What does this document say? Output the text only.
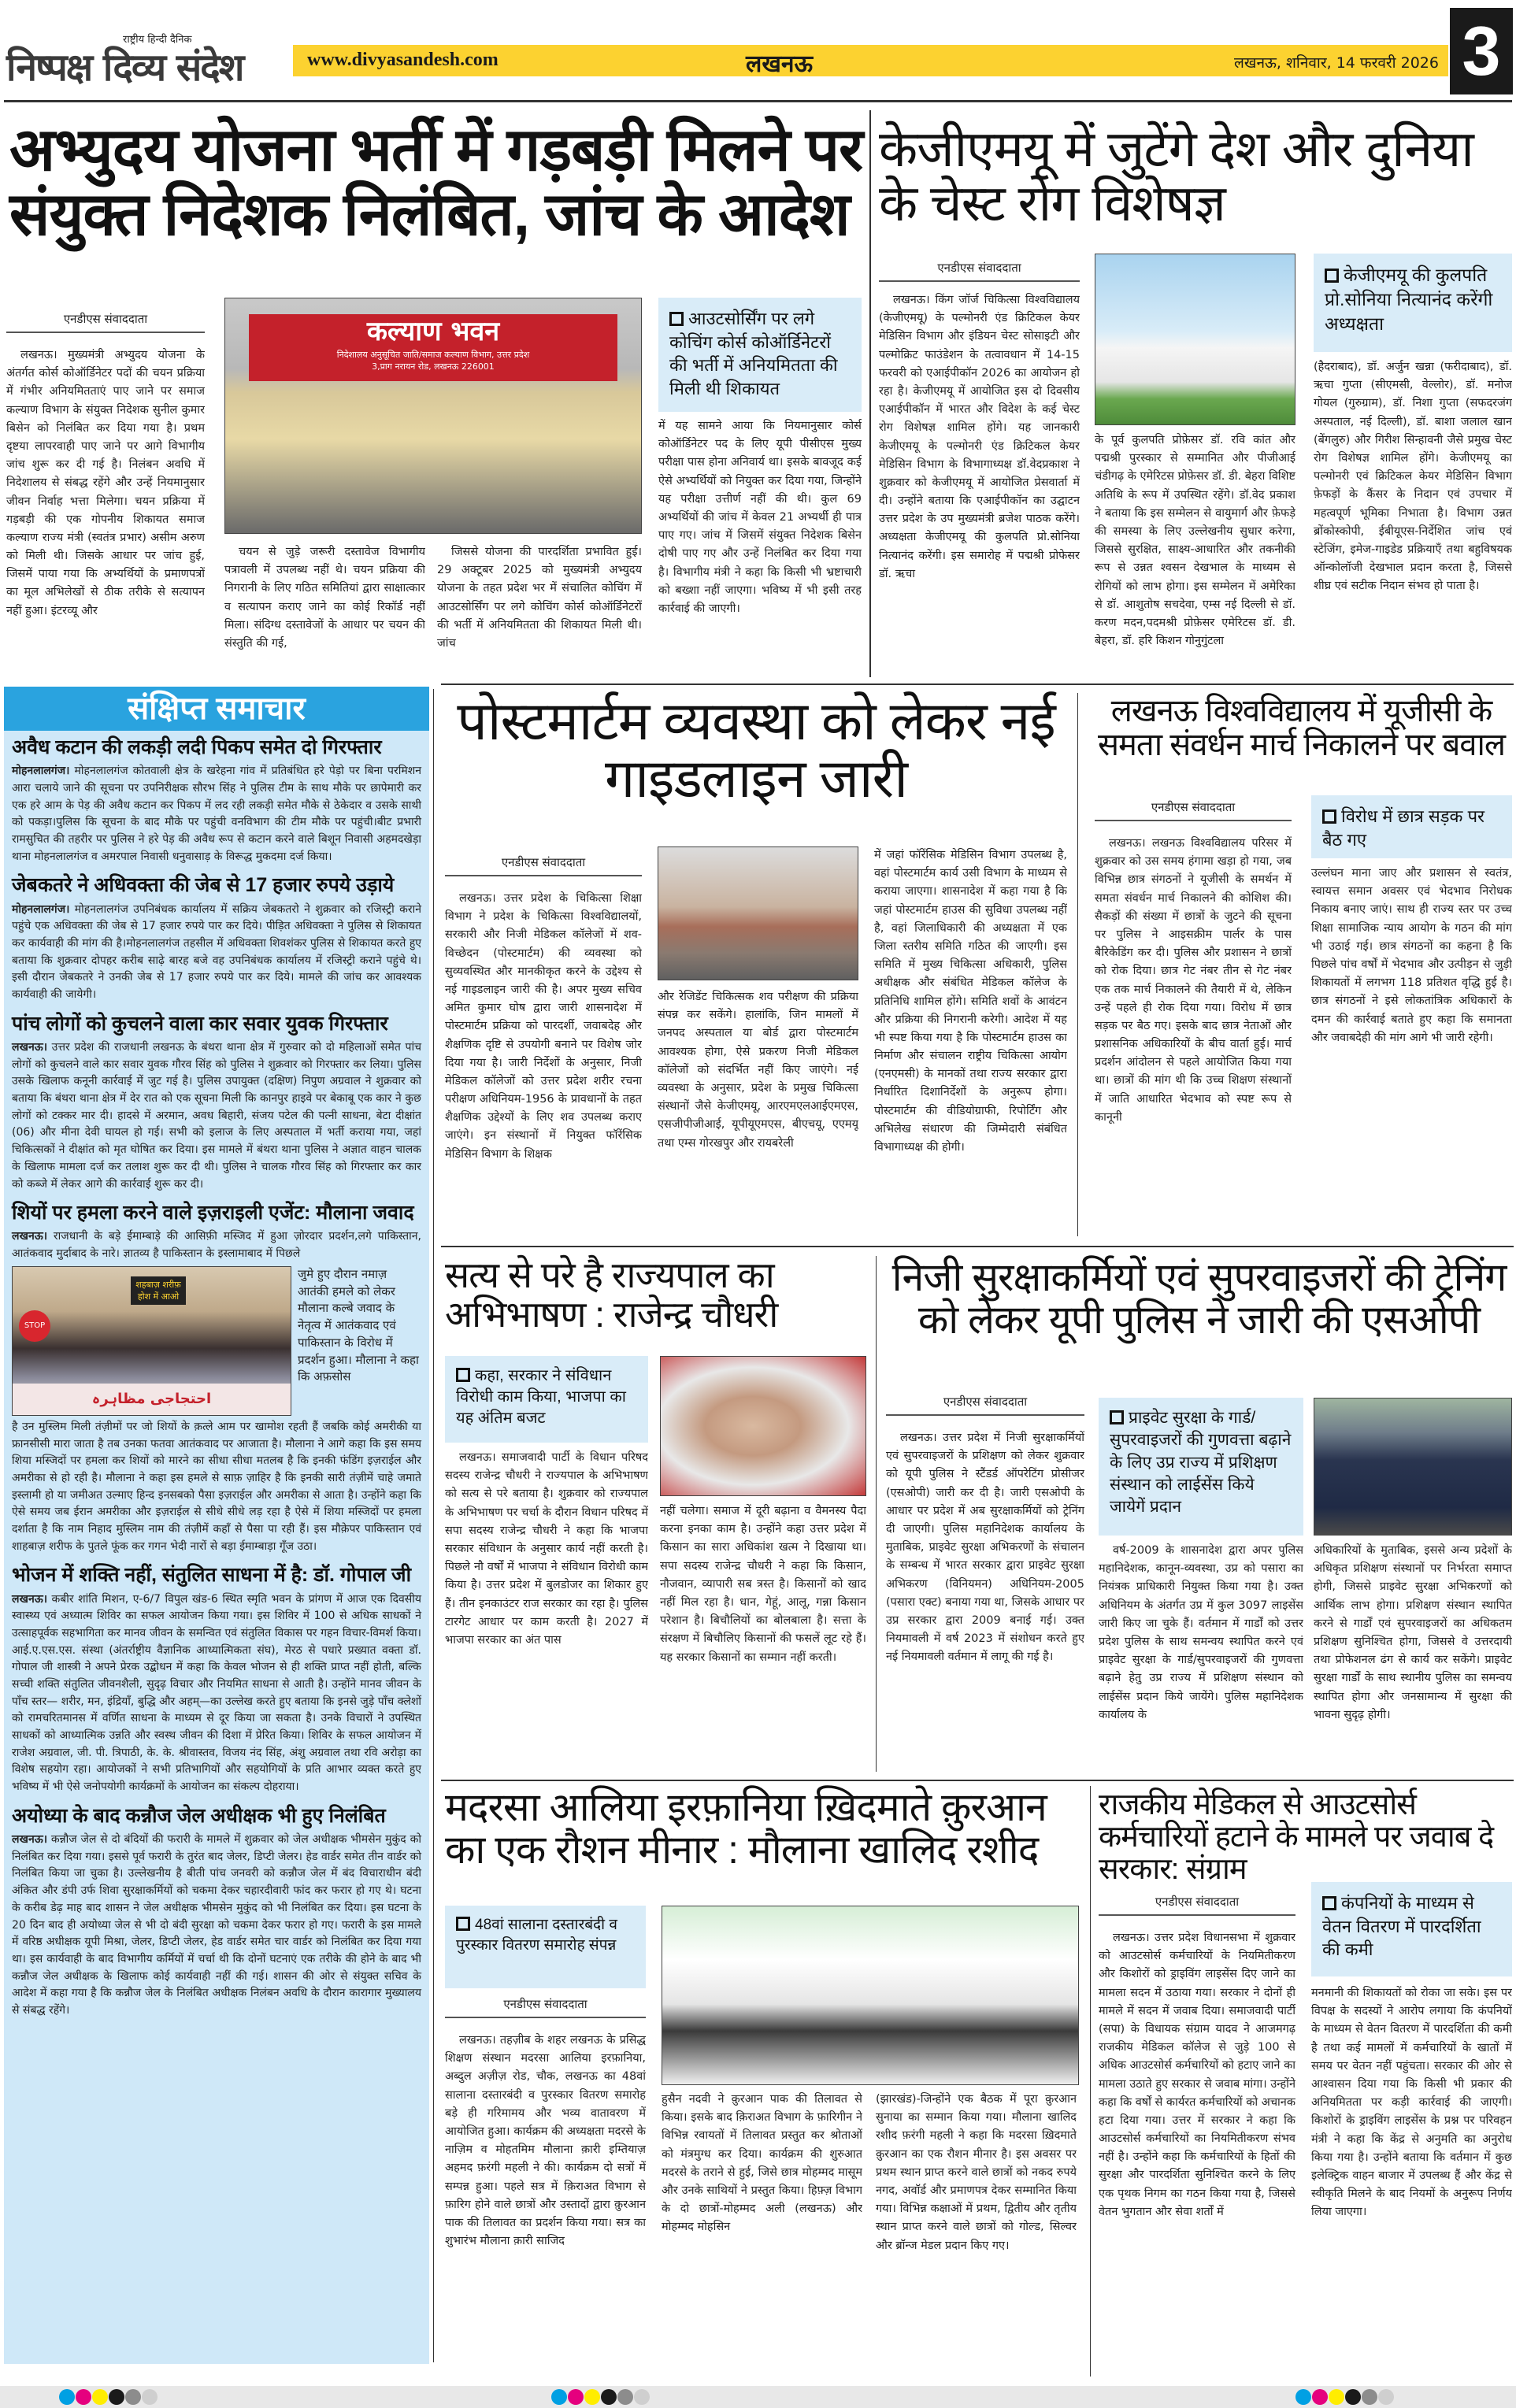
राष्ट्रीय हिन्दी दैनिक
निष्पक्ष दिव्य संदेश	www.divyasandesh.com	लखनऊ	लखनऊ, शनिवार, 14 फरवरी 2026 3
अभ्युदय योजना भर्ती में गड़बड़ी मिलने पर संयुक्त निदेशक निलंबित, जांच के आदेश
एनडीएस संवाददाता

लखनऊ। मुख्यमंत्री अभ्युदय योजना के अंतर्गत कोर्स कोऑर्डिनेटर पदों की चयन प्रक्रिया में गंभीर अनियमितताएं पाए जाने पर समाज कल्याण विभाग के संयुक्त निदेशक सुनील कुमार बिसेन को निलंबित कर दिया गया है। प्रथम दृष्टया लापरवाही पाए जाने पर आगे विभागीय जांच शुरू कर दी गई है। निलंबन अवधि में निदेशालय से संबद्ध रहेंगे और उन्हें नियमानुसार जीवन निर्वाह भत्ता मिलेगा। चयन प्रक्रिया में गड़बड़ी की एक गोपनीय शिकायत समाज कल्याण राज्य मंत्री (स्वतंत्र प्रभार) असीम अरुण को मिली थी। जिसके आधार पर जांच हुई, जिसमें पाया गया कि अभ्यर्थियों के प्रमाणपत्रों का मूल अभिलेखों से ठीक तरीके से सत्यापन नहीं हुआ। इंटरव्यू और

कल्याण भवन
निदेशालय अनुसूचित जाति/समाज कल्याण विभाग, उत्तर प्रदेश
3,प्राग नरायन रोड, लखनऊ 226001

चयन से जुड़े जरूरी दस्तावेज विभागीय पत्रावली में उपलब्ध नहीं थे। चयन प्रक्रिया की निगरानी के लिए गठित समितियां द्वारा साक्षात्कार व सत्यापन कराए जाने का कोई रिकॉर्ड नहीं मिला। संदिग्ध दस्तावेजों के आधार पर चयन की संस्तुति की गई,

जिससे योजना की पारदर्शिता प्रभावित हुई। 29 अक्टूबर 2025 को मुख्यमंत्री अभ्युदय योजना के तहत प्रदेश भर में संचालित कोचिंग में आउटसोर्सिंग पर लगे कोचिंग कोर्स कोऑर्डिनेटरों की भर्ती में अनियमितता की शिकायत मिली थी। जांच

आउटसोर्सिंग पर लगे कोचिंग कोर्स कोऑर्डिनेटरों की भर्ती में अनियमितता की मिली थी शिकायत

में यह सामने आया कि नियमानुसार कोर्स कोऑर्डिनेटर पद के लिए यूपी पीसीएस मुख्य परीक्षा पास होना अनिवार्य था। इसके बावजूद कई ऐसे अभ्यर्थियों को नियुक्त कर दिया गया, जिन्होंने यह परीक्षा उत्तीर्ण नहीं की थी। कुल 69 अभ्यर्थियों की जांच में केवल 21 अभ्यर्थी ही पात्र पाए गए। जांच में जिसमें संयुक्त निदेशक बिसेन दोषी पाए गए और उन्हें निलंबित कर दिया गया है। विभागीय मंत्री ने कहा कि किसी भी भ्रष्टाचारी को बख्शा नहीं जाएगा। भविष्य में भी इसी तरह कार्रवाई की जाएगी।

केजीएमयू में जुटेंगे देश और दुनिया के चेस्ट रोग विशेषज्ञ
एनडीएस संवाददाता

लखनऊ। किंग जॉर्ज चिकित्सा विश्वविद्यालय (केजीएमयू) के पल्मोनरी एंड क्रिटिकल केयर मेडिसिन विभाग और इंडियन चेस्ट सोसाइटी और पल्मोक्रिट फाउंडेशन के तत्वावधान में 14-15 फरवरी को एआईपीकॉन 2026 का आयोजन हो रहा है। केजीएमयू में आयोजित इस दो दिवसीय एआईपीकॉन में भारत और विदेश के कई चेस्ट रोग विशेषज्ञ शामिल होंगे। यह जानकारी केजीएमयू के पल्मोनरी एंड क्रिटिकल केयर मेडिसिन विभाग के विभागाध्यक्ष डॉ.वेदप्रकाश ने शुक्रवार को केजीएमयू में आयोजित प्रेसवार्ता में दी। उन्होंने बताया कि एआईपीकॉन का उद्घाटन उत्तर प्रदेश के उप मुख्यमंत्री ब्रजेश पाठक करेंगे। अध्यक्षता केजीएमयू की कुलपति प्रो.सोनिया नित्यानंद करेंगी। इस समारोह में पद्मश्री प्रोफेसर डॉ. ऋचा

के पूर्व कुलपति प्रोफ़ेसर डॉ. रवि कांत और पद्मश्री पुरस्कार से सम्मानित और पीजीआई चंडीगढ़ के एमेरिटस प्रोफ़ेसर डॉ. डी. बेहरा विशिष्ट अतिथि के रूप में उपस्थित रहेंगे। डॉ.वेद प्रकाश ने बताया कि इस सम्मेलन से वायुमार्ग और फ़ेफड़े की समस्या के लिए उल्लेखनीय सुधार करेगा, जिससे सुरक्षित, साक्ष्य-आधारित और तकनीकी रूप से उन्नत श्वसन देखभाल के माध्यम से रोगियों को लाभ होगा। इस सम्मेलन में अमेरिका से डॉ. आशुतोष सचदेवा, एम्स नई दिल्ली से डॉ. करण मदन,पदमश्री प्रोफ़ेसर एमेरिटस डॉ. डी. बेहरा, डॉ. हरि किशन गोनुगुंटला

केजीएमयू की कुलपति प्रो.सोनिया नित्यानंद करेंगी अध्यक्षता

(हैदराबाद), डॉ. अर्जुन खन्ना (फरीदाबाद), डॉ. ऋचा गुप्ता (सीएमसी, वेल्लोर), डॉ. मनोज गोयल (गुरुग्राम), डॉ. निशा गुप्ता (सफदरजंग अस्पताल, नई दिल्ली), डॉ. बाशा जलाल खान (बेंगलुरु) और गिरीश सिन्हावनी जैसे प्रमुख चेस्ट रोग विशेषज्ञ शामिल होंगे। केजीएमयू का पल्मोनरी एवं क्रिटिकल केयर मेडिसिन विभाग फ़ेफड़ों के कैंसर के निदान एवं उपचार में महत्वपूर्ण भूमिका निभाता है। विभाग उन्नत ब्रोंकोस्कोपी, ईबीयूएस-निर्देशित जांच एवं स्टेजिंग, इमेज-गाइडेड प्रक्रियाएँ तथा बहुविषयक ऑन्कोलॉजी देखभाल प्रदान करता है, जिससे शीघ्र एवं सटीक निदान संभव हो पाता है।

संक्षिप्त समाचार
अवैध कटान की लकड़ी लदी पिकप समेत दो गिरफ्तार
मोहनलालगंज। मोहनलालगंज कोतवाली क्षेत्र के खरेहना गांव में प्रतिबंधित हरे पेड़ो पर बिना परमिशन आरा चलाये जाने की सूचना पर उपनिरीक्षक सौरभ सिंह ने पुलिस टीम के साथ मौके पर छापेमारी कर एक हरे आम के पेड़ की अवैध कटान कर पिकप में लद रही लकड़ी समेत मौके से ठेकेदार व उसके साथी को पकड़ा।पुलिस कि सूचना के बाद मौके पर पहुंची वनविभाग की टीम मौके पर पहुंची।बीट प्रभारी रामसुचित की तहरीर पर पुलिस ने हरे पेड़ की अवैध रूप से कटान करने वाले बिशून निवासी अहमदखेड़ा थाना मोहनलालगंज व अमरपाल निवासी धनुवासाड़ के विरूद्ध मुकदमा दर्ज किया।
जेबकतरे ने अधिवक्ता की जेब से 17 हजार रुपये उड़ाये
मोहनलालगंज। मोहनलालगंज उपनिबंधक कार्यालय में सक्रिय जेबकतरो ने शुक्रवार को रजिस्ट्री कराने पहुंचे एक अधिवक्ता की जेब से 17 हजार रुपये पार कर दिये। पीड़ित अधिवक्ता ने पुलिस से शिकायत कर कार्यवाही की मांग की है।मोहनलालगंज तहसील में अधिवक्ता शिवशंकर पुलिस से शिकायत करते हुए बताया कि शुक्रवार दोपहर करीब साढ़े बारह बजे वह उपनिबंधक कार्यालय में रजिस्ट्री कराने पहुंचे थे। इसी दौरान जेबकतरे ने उनकी जेब से 17 हजार रुपये पार कर दिये। मामले की जांच कर आवश्यक कार्यवाही की जायेगी।
पांच लोगों को कुचलने वाला कार सवार युवक गिरफ्तार
लखनऊ। उत्तर प्रदेश की राजधानी लखनऊ के बंथरा थाना क्षेत्र में गुरुवार को दो महिलाओं समेत पांच लोगों को कुचलने वाले कार सवार युवक गौरव सिंह को पुलिस ने शुक्रवार को गिरफ्तार कर लिया। पुलिस उसके खिलाफ कनूनी कार्रवाई में जुट गई है। पुलिस उपायुक्त (दक्षिण) निपुण अग्रवाल ने शुक्रवार को बताया कि बंथरा थाना क्षेत्र में देर रात को एक सूचना मिली कि कानपुर हाइवे पर बेकाबू एक कार ने कुछ लोगों को टक्कर मार दी। हादसे में अरमान, अवध बिहारी, संजय पटेल की पत्नी साधना, बेटा दीक्षांत (06) और मीना देवी घायल हो गई। सभी को इलाज के लिए अस्पताल में भर्ती कराया गया, जहां चिकित्सकों ने दीक्षांत को मृत घोषित कर दिया। इस मामले में बंथरा थाना पुलिस ने अज्ञात वाहन चालक के खिलाफ मामला दर्ज कर तलाश शुरू कर दी थी। पुलिस ने चालक गौरव सिंह को गिरफ्तार कर कार को कब्जे में लेकर आगे की कार्रवाई शुरू कर दी।
शियों पर हमला करने वाले इज़राइली एजेंट: मौलाना जवाद
लखनऊ। राजधानी के बड़े ईमाम्बाड़े की आसिफ़ी मस्जिद में हुआ ज़ोरदार प्रदर्शन,लगे पाकिस्तान, आतंकवाद मुर्दाबाद के नारे। ज्ञातव्य है पाकिस्तान के इस्लामाबाद में पिछले
शहबाज़ शरीफ़ होश में आओ
STOP
احتجاجی مظاہرہ
जुमे हुए दौरान नमाज़ आतंकी हमले को लेकर मौलाना कल्बे जवाद के नेतृत्व में आतंकवाद एवं पाकिस्तान के विरोध में प्रदर्शन हुआ। मौलाना ने कहा कि अफ़सोस
है उन मुस्लिम मिली तंज़ीमों पर जो शियों के क़त्ले आम पर खामोश रहती हैं जबकि कोई अमरीकी या फ्रानसीसी मारा जाता है तब उनका फतवा आतंकवाद पर आजाता है। मौलाना ने आगे कहा कि इस समय शिया मस्जिदों पर हमला कर शियों को मारने का सीधा सीधा मतलब है कि इनकी फंडिंग इज़राईल और अमरीका से हो रही है। मौलाना ने कहा इस हमले से साफ़ ज़ाहिर है कि इनकी सारी तंज़ीमें चाहे जमाते इस्लामी हो या जमीअत उल्माए हिन्द इनसबको पैसा इज़राईल और अमरीका से आता है। उन्होंने कहा कि ऐसे समय जब ईरान अमरीका और इज़राईल से सीधे सीधे लड़ रहा है ऐसे में शिया मस्जिदों पर हमला दर्शाता है कि नाम निहाद मुस्लिम नाम की तंज़ीमें कहाँ से पैसा पा रही हैं। इस मौक़ेपर पाकिस्तान एवं शाहबाज़ शरीफ के पुतले फूंक कर गगन भेदी नारों से बड़ा ईमाम्बाड़ा गूँज उठा।
भोजन में शक्ति नहीं, संतुलित साधना में है: डॉ. गोपाल जी
लखनऊ। कबीर शांति मिशन, ए-6/7 विपुल खंड-6 स्थित स्मृति भवन के प्रांगण में आज एक दिवसीय स्वास्थ्य एवं अध्यात्म शिविर का सफल आयोजन किया गया। इस शिविर में 100 से अधिक साधकों ने उत्साहपूर्वक सहभागिता कर मानव जीवन के समन्वित एवं संतुलित विकास पर गहन विचार-विमर्श किया। आई.ए.एस.एस. संस्था (अंतर्राष्ट्रीय वैज्ञानिक आध्यात्मिकता संघ), मेरठ से पधारे प्रख्यात वक्ता डॉ. गोपाल जी शास्त्री ने अपने प्रेरक उद्बोधन में कहा कि केवल भोजन से ही शक्ति प्राप्त नहीं होती, बल्कि सच्ची शक्ति संतुलित जीवनशैली, सुदृढ़ विचार और नियमित साधना से आती है। उन्होंने मानव जीवन के पाँच स्तर— शरीर, मन, इंद्रियाँ, बुद्धि और अहम्—का उल्लेख करते हुए बताया कि इनसे जुड़े पाँच क्लेशों को रामचरितमानस में वर्णित साधना के माध्यम से दूर किया जा सकता है। उनके विचारों ने उपस्थित साधकों को आध्यात्मिक उन्नति और स्वस्थ जीवन की दिशा में प्रेरित किया। शिविर के सफल आयोजन में राजेश अग्रवाल, जी. पी. त्रिपाठी, के. के. श्रीवास्तव, विजय नंद सिंह, अंशु अग्रवाल तथा रवि अरोड़ा का विशेष सहयोग रहा। आयोजकों ने सभी प्रतिभागियों और सहयोगियों के प्रति आभार व्यक्त करते हुए भविष्य में भी ऐसे जनोपयोगी कार्यक्रमों के आयोजन का संकल्प दोहराया।
अयोध्या के बाद कन्नौज जेल अधीक्षक भी हुए निलंबित
लखनऊ। कन्नौज जेल से दो बंदियों की फरारी के मामले में शुक्रवार को जेल अधीक्षक भीमसेन मुकुंद को निलंबित कर दिया गया। इससे पूर्व फरारी के तुरंत बाद जेलर, डिप्टी जेलर। हेड वार्डर समेत तीन वार्डर को निलंबित किया जा चुका है। उल्लेखनीय है बीती पांच जनवरी को कन्नौज जेल में बंद विचाराधीन बंदी अंकित और डंपी उर्फ शिवा सुरक्षाकर्मियों को चकमा देकर चहारदीवारी फांद कर फरार हो गए थे। घटना के करीब डेढ़ माह बाद शासन ने जेल अधीक्षक भीमसेन मुकुंद को भी निलंबित कर दिया। इस घटना के 20 दिन बाद ही अयोध्या जेल से भी दो बंदी सुरक्षा को चकमा देकर फरार हो गए। फरारी के इस मामले में वरिष्ठ अधीक्षक यूपी मिश्रा, जेलर, डिप्टी जेलर, हेड वार्डर समेत चार वार्डर को निलंबित कर दिया गया था। इस कार्यवाही के बाद विभागीय कर्मियों में चर्चा थी कि दोनों घटनाएं एक तरीके की होने के बाद भी कन्नौज जेल अधीक्षक के खिलाफ कोई कार्यवाही नहीं की गई। शासन की ओर से संयुक्त सचिव के आदेश में कहा गया है कि कन्नौज जेल के निलंबित अधीक्षक निलंबन अवधि के दौरान कारागार मुख्यालय से संबद्ध रहेंगे।
पोस्टमार्टम व्यवस्था को लेकर नई गाइडलाइन जारी
एनडीएस संवाददाता

लखनऊ। उत्तर प्रदेश के चिकित्सा शिक्षा विभाग ने प्रदेश के चिकित्सा विश्वविद्यालयों, सरकारी और निजी मेडिकल कॉलेजों में शव-विच्छेदन (पोस्टमार्टम) की व्यवस्था को सुव्यवस्थित और मानकीकृत करने के उद्देश्य से नई गाइडलाइन जारी की है। अपर मुख्य सचिव अमित कुमार घोष द्वारा जारी शासनादेश में पोस्टमार्टम प्रक्रिया को पारदर्शी, जवाबदेह और शैक्षणिक दृष्टि से उपयोगी बनाने पर विशेष जोर दिया गया है। जारी निर्देशों के अनुसार, निजी मेडिकल कॉलेजों को उत्तर प्रदेश शरीर रचना परीक्षण अधिनियम-1956 के प्रावधानों के तहत शैक्षणिक उद्देश्यों के लिए शव उपलब्ध कराए जाएंगे। इन संस्थानों में नियुक्त फॉरेंसिक मेडिसिन विभाग के शिक्षक

और रेजिडेंट चिकित्सक शव परीक्षण की प्रक्रिया संपन्न कर सकेंगे। हालांकि, जिन मामलों में जनपद अस्पताल या बोर्ड द्वारा पोस्टमार्टम आवश्यक होगा, ऐसे प्रकरण निजी मेडिकल कॉलेजों को संदर्भित नहीं किए जाएंगे। नई व्यवस्था के अनुसार, प्रदेश के प्रमुख चिकित्सा संस्थानों जैसे केजीएमयू, आरएमएलआईएमएस, एसजीपीजीआई, यूपीयूएमएस, बीएचयू, एएमयू तथा एम्स गोरखपुर और रायबरेली

में जहां फॉरेंसिक मेडिसिन विभाग उपलब्ध है, वहां पोस्टमार्टम कार्य उसी विभाग के माध्यम से कराया जाएगा। शासनादेश में कहा गया है कि जहां पोस्टमार्टम हाउस की सुविधा उपलब्ध नहीं है, वहां जिलाधिकारी की अध्यक्षता में एक जिला स्तरीय समिति गठित की जाएगी। इस समिति में मुख्य चिकित्सा अधिकारी, पुलिस अधीक्षक और संबंधित मेडिकल कॉलेज के प्रतिनिधि शामिल होंगे। समिति शवों के आवंटन और प्रक्रिया की निगरानी करेगी। आदेश में यह भी स्पष्ट किया गया है कि पोस्टमार्टम हाउस का निर्माण और संचालन राष्ट्रीय चिकित्सा आयोग (एनएमसी) के मानकों तथा राज्य सरकार द्वारा निर्धारित दिशानिर्देशों के अनुरूप होगा। पोस्टमार्टम की वीडियोग्राफी, रिपोर्टिंग और अभिलेख संधारण की जिम्मेदारी संबंधित विभागाध्यक्ष की होगी।

लखनऊ विश्वविद्यालय में यूजीसी के समता संवर्धन मार्च निकालने पर बवाल
एनडीएस संवाददाता

लखनऊ। लखनऊ विश्वविद्यालय परिसर में शुक्रवार को उस समय हंगामा खड़ा हो गया, जब विभिन्न छात्र संगठनों ने यूजीसी के समर्थन में समता संवर्धन मार्च निकालने की कोशिश की। सैकड़ों की संख्या में छात्रों के जुटने की सूचना पर पुलिस ने आइसक्रीम पार्लर के पास बैरिकेडिंग कर दी। पुलिस और प्रशासन ने छात्रों को रोक दिया। छात्र गेट नंबर तीन से गेट नंबर एक तक मार्च निकालने की तैयारी में थे, लेकिन उन्हें पहले ही रोक दिया गया। विरोध में छात्र सड़क पर बैठ गए। इसके बाद छात्र नेताओं और प्रशासनिक अधिकारियों के बीच वार्ता हुई। मार्च प्रदर्शन आंदोलन से पहले आयोजित किया गया था। छात्रों की मांग थी कि उच्च शिक्षण संस्थानों में जाति आधारित भेदभाव को स्पष्ट रूप से कानूनी

विरोध में छात्र सड़क पर बैठ गए

उल्लंघन माना जाए और प्रशासन से स्वतंत्र, स्वायत्त समान अवसर एवं भेदभाव निरोधक निकाय बनाए जाएं। साथ ही राज्य स्तर पर उच्च शिक्षा सामाजिक न्याय आयोग के गठन की मांग भी उठाई गई। छात्र संगठनों का कहना है कि पिछले पांच वर्षों में भेदभाव और उत्पीड़न से जुड़ी शिकायतों में लगभग 118 प्रतिशत वृद्धि हुई है। छात्र संगठनों ने इसे लोकतांत्रिक अधिकारों के दमन की कार्रवाई बताते हुए कहा कि समानता और जवाबदेही की मांग आगे भी जारी रहेगी।

सत्य से परे है राज्यपाल का अभिभाषण : राजेन्द्र चौधरी
कहा, सरकार ने संविधान विरोधी काम किया, भाजपा का यह अंतिम बजट

लखनऊ। समाजवादी पार्टी के विधान परिषद सदस्य राजेन्द्र चौधरी ने राज्यपाल के अभिभाषण को सत्य से परे बताया है। शुक्रवार को राज्यपाल के अभिभाषण पर चर्चा के दौरान विधान परिषद में सपा सदस्य राजेन्द्र चौधरी ने कहा कि भाजपा सरकार संविधान के अनुसार कार्य नहीं करती है। पिछले नौ वर्षों में भाजपा ने संविधान विरोधी काम किया है। उत्तर प्रदेश में बुलडोजर का शिकार हुए हैं। तीन इनकाउंटर राज सरकार का रहा है। पुलिस टारगेट आधार पर काम करती है। 2027 में भाजपा सरकार का अंत पास

नहीं चलेगा। समाज में दूरी बढ़ाना व वैमनस्य पैदा करना इनका काम है। उन्होंने कहा उत्तर प्रदेश में किसान का सारा अधिकांश खत्म ने दिखाया था। सपा सदस्य राजेन्द्र चौधरी ने कहा कि किसान, नौजवान, व्यापारी सब त्रस्त है। किसानों को खाद नहीं मिल रहा है। धान, गेहूं, आलू, गन्ना किसान परेशान है। बिचौलियों का बोलबाला है। सत्ता के संरक्षण में बिचौलिए किसानों की फसलें लूट रहे हैं। यह सरकार किसानों का सम्मान नहीं करती।

निजी सुरक्षाकर्मियों एवं सुपरवाइजरों की ट्रेनिंग को लेकर यूपी पुलिस ने जारी की एसओपी
एनडीएस संवाददाता

लखनऊ। उत्तर प्रदेश में निजी सुरक्षाकर्मियों एवं सुपरवाइजरों के प्रशिक्षण को लेकर शुक्रवार को यूपी पुलिस ने स्टैंडर्ड ऑपरेटिंग प्रोसीजर (एसओपी) जारी कर दी है। जारी एसओपी के आधार पर प्रदेश में अब सुरक्षाकर्मियों को ट्रेनिंग दी जाएगी। पुलिस महानिदेशक कार्यालय के मुताबिक, प्राइवेट सुरक्षा अभिकरणों के संचालन के सम्बन्ध में भारत सरकार द्वारा प्राइवेट सुरक्षा अभिकरण (विनियमन) अधिनियम-2005 (पसारा एक्ट) बनाया गया था, जिसके आधार पर उप्र सरकार द्वारा 2009 बनाई गई। उक्त नियमावली में वर्ष 2023 में संशोधन करते हुए नई नियमावली वर्तमान में लागू की गई है।

प्राइवेट सुरक्षा के गार्ड/सुपरवाइजरों की गुणवत्ता बढ़ाने के लिए उप्र राज्य में प्रशिक्षण संस्थान को लाईसेंस किये जायेगें प्रदान

वर्ष-2009 के शासनादेश द्वारा अपर पुलिस महानिदेशक, कानून-व्यवस्था, उप्र को पसारा का नियंत्रक प्राधिकारी नियुक्त किया गया है। उक्त अधिनियम के अंतर्गत उप्र में कुल 3097 लाइसेंस जारी किए जा चुके हैं। वर्तमान में गार्डों को उत्तर प्रदेश पुलिस के साथ समन्वय स्थापित करने एवं प्राइवेट सुरक्षा के गार्ड/सुपरवाइजरों की गुणवत्ता बढ़ाने हेतु उप्र राज्य में प्रशिक्षण संस्थान को लाईसेंस प्रदान किये जायेंगे। पुलिस महानिदेशक कार्यालय के

अधिकारियों के मुताबिक, इससे अन्य प्रदेशों के अधिकृत प्रशिक्षण संस्थानों पर निर्भरता समाप्त होगी, जिससे प्राइवेट सुरक्षा अभिकरणों को आर्थिक लाभ होगा। प्रशिक्षण संस्थान स्थापित करने से गार्डों एवं सुपरवाइजरों का अधिकतम प्रशिक्षण सुनिश्चित होगा, जिससे वे उत्तरदायी तथा प्रोफेशनल ढंग से कार्य कर सकेंगे। प्राइवेट सुरक्षा गार्डों के साथ स्थानीय पुलिस का समन्वय स्थापित होगा और जनसामान्य में सुरक्षा की भावना सुदृढ़ होगी।

मदरसा आलिया इरफ़ानिया ख़िदमाते क़ुरआन का एक रौशन मीनार : मौलाना खालिद रशीद
48वां सालाना दस्तारबंदी व पुरस्कार वितरण समारोह संपन्न
एनडीएस संवाददाता

लखनऊ। तहज़ीब के शहर लखनऊ के प्रसिद्ध शिक्षण संस्थान मदरसा आलिया इरफ़ानिया, अब्दुल अज़ीज़ रोड, चौक, लखनऊ का 48वां सालाना दस्तारबंदी व पुरस्कार वितरण समारोह बड़े ही गरिमामय और भव्य वातावरण में आयोजित हुआ। कार्यक्रम की अध्यक्षता मदरसे के नाज़िम व मोहतमिम मौलाना क़ारी इम्तियाज़ अहमद फ़रंगी महली ने की। कार्यक्रम दो सत्रों में सम्पन्न हुआ। पहले सत्र में क़िराअत विभाग से फ़ारिग होने वाले छात्रों और उस्तादों द्वारा क़ुरआन पाक की तिलावत का प्रदर्शन किया गया। सत्र का शुभारंभ मौलाना क़ारी साजिद

हुसैन नदवी ने क़ुरआन पाक की तिलावत से किया। इसके बाद क़िराअत विभाग के फ़ारिगीन ने विभिन्न रवायतों में तिलावत प्रस्तुत कर श्रोताओं को मंत्रमुग्ध कर दिया। कार्यक्रम की शुरुआत मदरसे के तराने से हुई, जिसे छात्र मोहम्मद मासूम और उनके साथियों ने प्रस्तुत किया। हिफ़्ज़ विभाग के दो छात्रों-मोहम्मद अली (लखनऊ) और मोहम्मद मोहसिन

(झारखंड)-जिन्होंने एक बैठक में पूरा क़ुरआन सुनाया का सम्मान किया गया। मौलाना खालिद रशीद फ़रंगी महली ने कहा कि मदरसा ख़िदमाते क़ुरआन का एक रौशन मीनार है। इस अवसर पर प्रथम स्थान प्राप्त करने वाले छात्रों को नकद रुपये नगद, अवॉर्ड और प्रमाणपत्र देकर सम्मानित किया गया। विभिन्न कक्षाओं में प्रथम, द्वितीय और तृतीय स्थान प्राप्त करने वाले छात्रों को गोल्ड, सिल्वर और ब्रॉन्ज मेडल प्रदान किए गए।

राजकीय मेडिकल से आउटसोर्स कर्मचारियों हटाने के मामले पर जवाब दे सरकार: संग्राम
एनडीएस संवाददाता

लखनऊ। उत्तर प्रदेश विधानसभा में शुक्रवार को आउटसोर्स कर्मचारियों के नियमितीकरण और किशोरों को ड्राइविंग लाइसेंस दिए जाने का मामला सदन में उठाया गया। सरकार ने दोनों ही मामले में सदन में जवाब दिया। समाजवादी पार्टी (सपा) के विधायक संग्राम यादव ने आजमगढ़ राजकीय मेडिकल कॉलेज से जुड़े 100 से अधिक आउटसोर्स कर्मचारियों को हटाए जाने का मामला उठाते हुए सरकार से जवाब मांगा। उन्होंने कहा कि वर्षों से कार्यरत कर्मचारियों को अचानक हटा दिया गया। उत्तर में सरकार ने कहा कि आउटसोर्स कर्मचारियों का नियमितीकरण संभव नहीं है। उन्होंने कहा कि कर्मचारियों के हितों की सुरक्षा और पारदर्शिता सुनिश्चित करने के लिए एक पृथक निगम का गठन किया गया है, जिससे वेतन भुगतान और सेवा शर्तों में

कंपनियों के माध्यम से वेतन वितरण में पारदर्शिता की कमी

मनमानी की शिकायतों को रोका जा सके। इस पर विपक्ष के सदस्यों ने आरोप लगाया कि कंपनियों के माध्यम से वेतन वितरण में पारदर्शिता की कमी है तथा कई मामलों में कर्मचारियों के खातों में समय पर वेतन नहीं पहुंचता। सरकार की ओर से आश्वासन दिया गया कि किसी भी प्रकार की अनियमितता पर कड़ी कार्रवाई की जाएगी। किशोरों के ड्राइविंग लाइसेंस के प्रश्न पर परिवहन मंत्री ने कहा कि केंद्र से अनुमति का अनुरोध किया गया है। उन्होंने बताया कि वर्तमान में कुछ इलेक्ट्रिक वाहन बाजार में उपलब्ध हैं और केंद्र से स्वीकृति मिलने के बाद नियमों के अनुरूप निर्णय लिया जाएगा।
